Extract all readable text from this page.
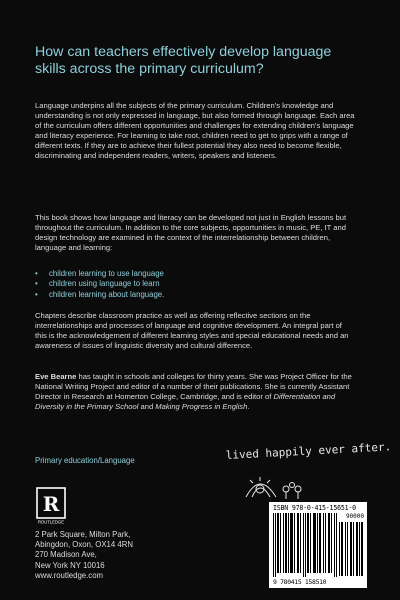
How can teachers effectively develop language skills across the primary curriculum?

Language underpins all the subjects of the primary curriculum. Children's knowledge and understanding is not only expressed in language, but also formed through language. Each area of the curriculum offers different opportunities and challenges for extending children's language and literacy experience. For learning to take root, children need to get to grips with a range of different texts. If they are to achieve their fullest potential they also need to become flexible, discriminating and independent readers, writers, speakers and listeners.

This book shows how language and literacy can be developed not just in English lessons but throughout the curriculum. In addition to the core subjects, opportunities in music, PE, IT and design technology are examined in the context of the interrelationship between children, language and learning:

• children learning to use language
• children using language to learn
• children learning about language.

Chapters describe classroom practice as well as offering reflective sections on the interrelationships and processes of language and cognitive development. An integral part of this is the acknowledgement of different learning styles and special educational needs and an awareness of issues of linguistic diversity and cultural difference.

Eve Bearne has taught in schools and colleges for thirty years. She was Project Officer for the National Writing Project and editor of a number of their publications. She is currently Assistant Director in Research at Homerton College, Cambridge, and is editor of Differentiation and Diversity in the Primary School and Making Progress in English.

Primary education/Language

R
ROUTLEDGE
2 Park Square, Milton Park,
Abingdon, Oxon, OX14 4RN
270 Madison Ave,
New York NY 10016
www.routledge.com
lived happily ever after.
ISBN 978-0-415-15651-0
90000
9 780415 158510
